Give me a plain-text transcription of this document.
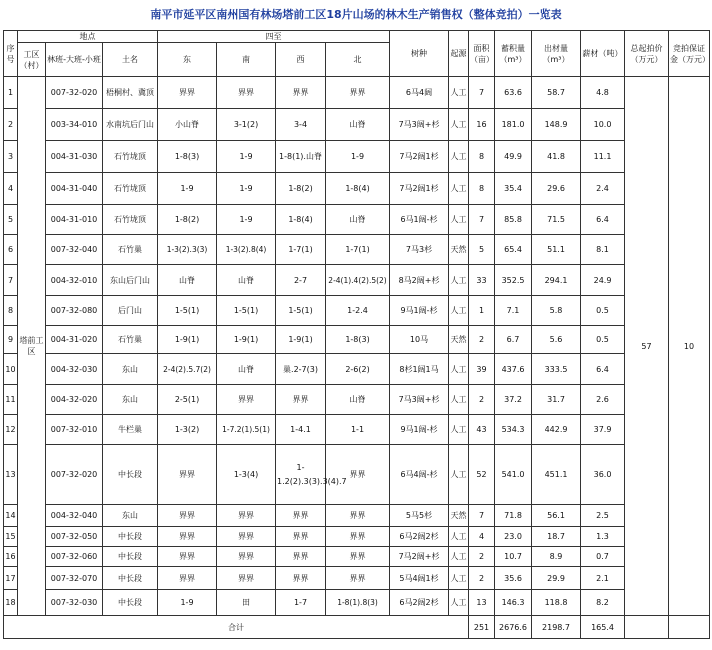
南平市延平区南州国有林场塔前工区18片山场的林木生产销售权（整体竞拍）一览表
序号	地点			四至				树种	起源	面积（亩）	蓄积量（m³）	出材量（m³）	薪材（吨）	总起拍价（万元）	竞拍保证金（万元）
	工区（村）	林班-大班-小班	土名	东	南	西	北								
1	塔前工区	007-32-020	梧桐村、冀顶	界界	界界	界界	界界	6马4阔	人工	7	63.6	58.7	4.8	57	10
2		003-34-010	水南坑后门山	小山脊	3-1(2)	3-4	山脊	7马3阔+杉	人工	16	181.0	148.9	10.0		
3		004-31-030	石竹垅顶	1-8(3)	1-9	1-8(1).山脊	1-9	7马2阔1杉	人工	8	49.9	41.8	11.1		
4		004-31-040	石竹垅顶	1-9	1-9	1-8(2)	1-8(4)	7马2阔1杉	人工	8	35.4	29.6	2.4		
5		004-31-010	石竹垅顶	1-8(2)	1-9	1-8(4)	山脊	6马1阔-杉	人工	7	85.8	71.5	6.4		
6		007-32-040	石竹巢	1-3(2).3(3)	1-3(2).8(4)	1-7(1)	1-7(1)	7马3杉	天然	5	65.4	51.1	8.1		
7		004-32-010	东山后门山	山脊	山脊	2-7	2-4(1).4(2).5(2)	8马2阔+杉	人工	33	352.5	294.1	24.9		
8		007-32-080	后门山	1-5(1)	1-5(1)	1-5(1)	1-2.4	9马1阔-杉	人工	1	7.1	5.8	0.5		
9		004-31-020	石竹巢	1-9(1)	1-9(1)	1-9(1)	1-8(3)	10马	天然	2	6.7	5.6	0.5		
10		004-32-030	东山	2-4(2).5.7(2)	山脊	巢.2-7(3)	2-6(2)	8杉1阔1马	人工	39	437.6	333.5	6.4		
11		004-32-020	东山	2-5(1)	界界	界界	山脊	7马3阔+杉	人工	2	37.2	31.7	2.6		
12		007-32-010	牛栏巢	1-3(2)	1-7.2(1).5(1)	1-4.1	1-1	9马1阔-杉	人工	43	534.3	442.9	37.9		
13		007-32-020	中长段	界界	1-3(4)	1-1.2(2).3(3).3(4).7	界界	6马4阔-杉	人工	52	541.0	451.1	36.0		
14		004-32-040	东山	界界	界界	界界	界界	5马5杉	天然	7	71.8	56.1	2.5		
15		007-32-050	中长段	界界	界界	界界	界界	6马2阔2杉	人工	4	23.0	18.7	1.3		
16		007-32-060	中长段	界界	界界	界界	界界	7马2阔+杉	人工	2	10.7	8.9	0.7		
17		007-32-070	中长段	界界	界界	界界	界界	5马4阔1杉	人工	2	35.6	29.9	2.1		
18		007-32-030	中长段	1-9	田	1-7	1-8(1).8(3)	6马2阔2杉	人工	13	146.3	118.8	8.2		
合计										251	2676.6	2198.7	165.4		
